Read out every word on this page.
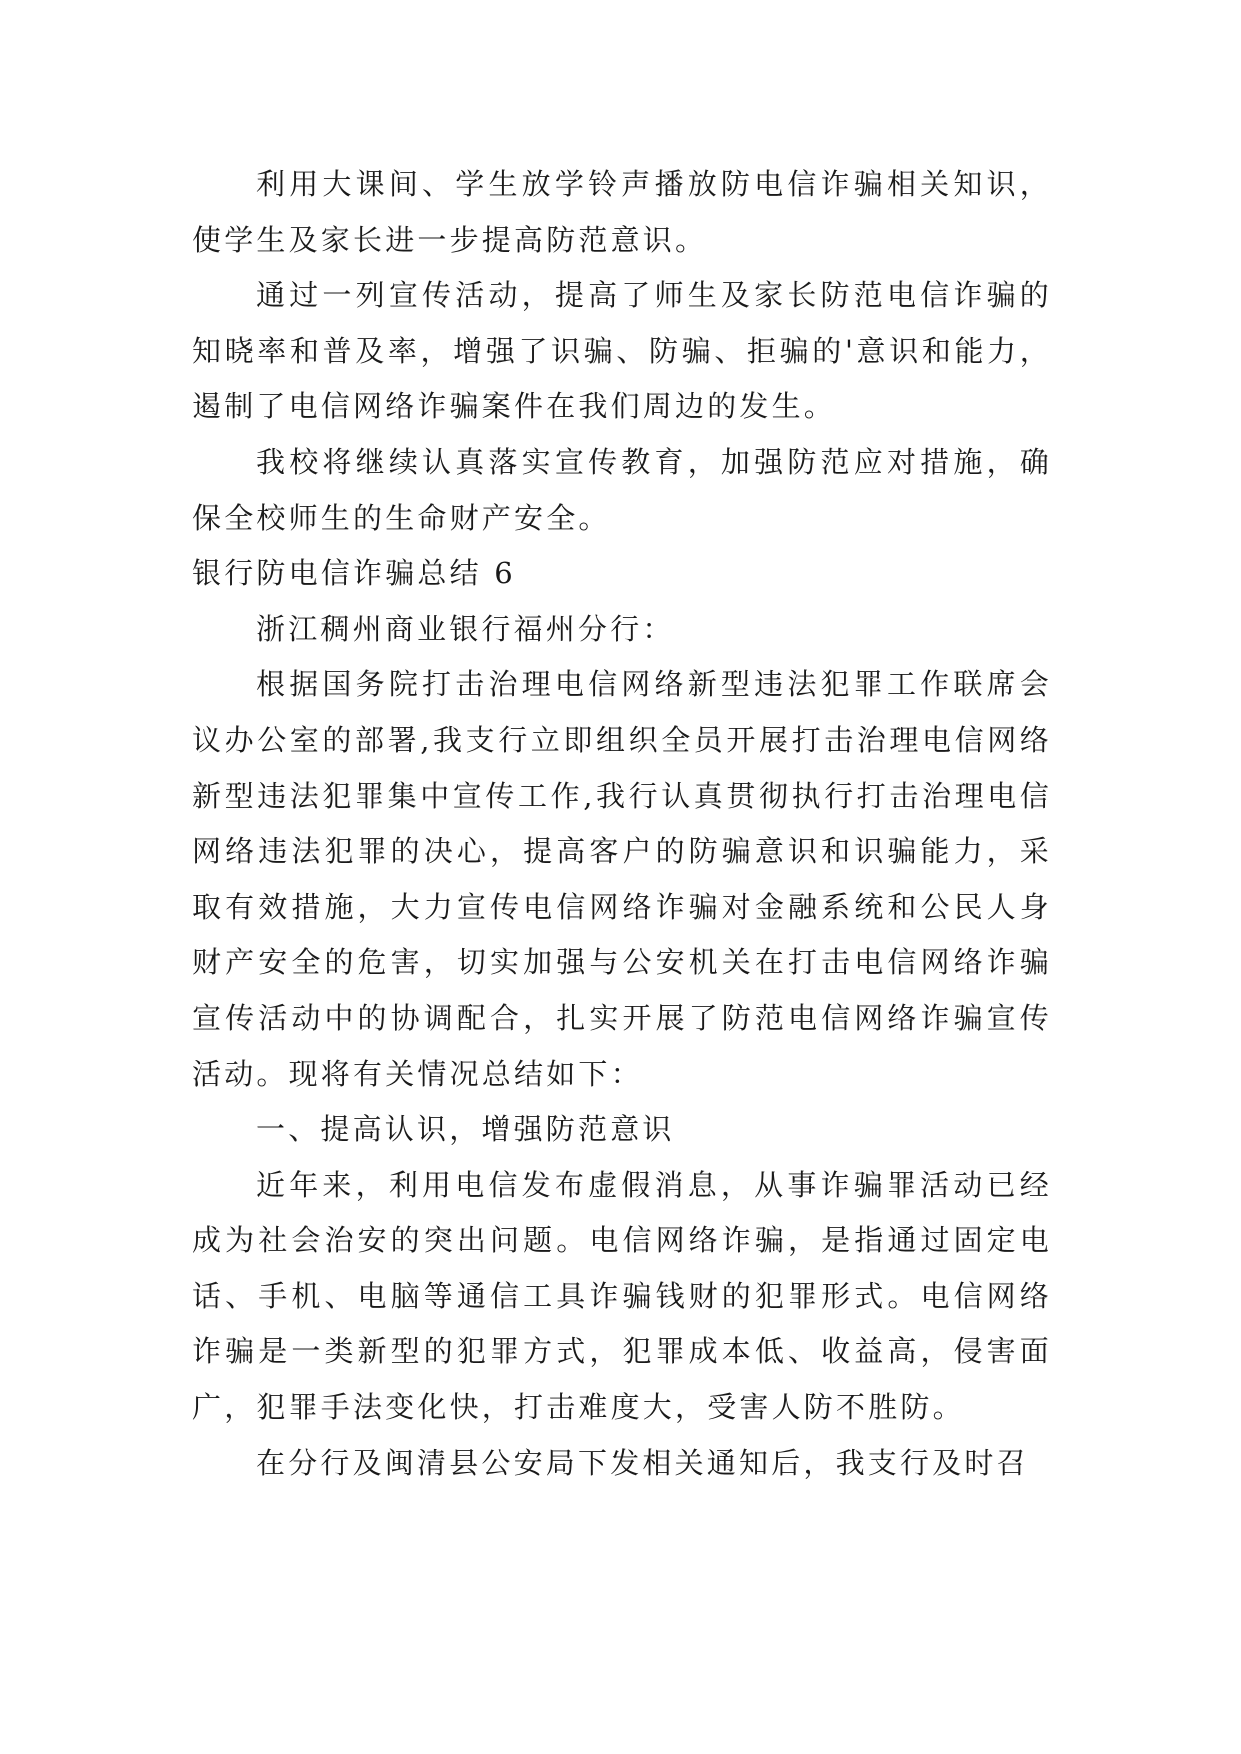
利用大课间、学生放学铃声播放防电信诈骗相关知识，使学生及家长进一步提高防范意识。

通过一列宣传活动，提高了师生及家长防范电信诈骗的知晓率和普及率，增强了识骗、防骗、拒骗的'意识和能力，遏制了电信网络诈骗案件在我们周边的发生。

我校将继续认真落实宣传教育，加强防范应对措施，确保全校师生的生命财产安全。

银行防电信诈骗总结 6

浙江稠州商业银行福州分行：

根据国务院打击治理电信网络新型违法犯罪工作联席会议办公室的部署,我支行立即组织全员开展打击治理电信网络新型违法犯罪集中宣传工作,我行认真贯彻执行打击治理电信网络违法犯罪的决心，提高客户的防骗意识和识骗能力，采取有效措施，大力宣传电信网络诈骗对金融系统和公民人身财产安全的危害，切实加强与公安机关在打击电信网络诈骗宣传活动中的协调配合，扎实开展了防范电信网络诈骗宣传活动。现将有关情况总结如下：

一、提高认识，增强防范意识

近年来，利用电信发布虚假消息，从事诈骗罪活动已经成为社会治安的突出问题。电信网络诈骗，是指通过固定电话、手机、电脑等通信工具诈骗钱财的犯罪形式。电信网络诈骗是一类新型的犯罪方式，犯罪成本低、收益高，侵害面广，犯罪手法变化快，打击难度大，受害人防不胜防。

在分行及闽清县公安局下发相关通知后，我支行及时召
